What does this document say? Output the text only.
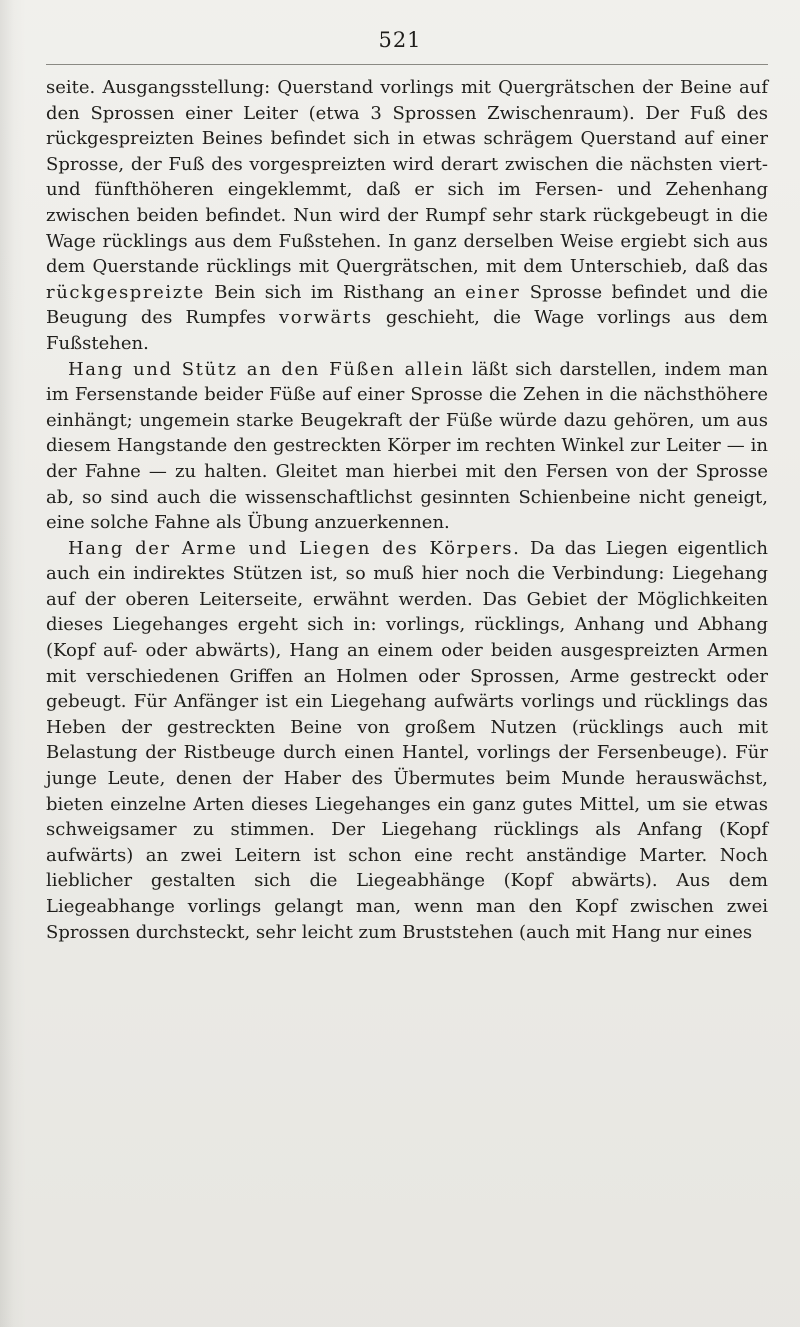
521

seite. Ausgangsstellung: Querstand vorlings mit Quergrätschen der Beine auf den Sprossen einer Leiter (etwa 3 Sprossen Zwischenraum). Der Fuß des rückgespreizten Beines befindet sich in etwas schrägem Querstand auf einer Sprosse, der Fuß des vorgespreizten wird derart zwischen die nächsten viert- und fünfthöheren eingeklemmt, daß er sich im Fersen- und Zehenhang zwischen beiden befindet. Nun wird der Rumpf sehr stark rückgebeugt in die Wage rücklings aus dem Fußstehen. In ganz derselben Weise ergiebt sich aus dem Querstande rücklings mit Quergrätschen, mit dem Unterschieb, daß das rückgespreizte Bein sich im Risthang an einer Sprosse befindet und die Beugung des Rumpfes vorwärts geschieht, die Wage vorlings aus dem Fußstehen.

Hang und Stütz an den Füßen allein läßt sich darstellen, indem man im Fersenstande beider Füße auf einer Sprosse die Zehen in die nächsthöhere einhängt; ungemein starke Beugekraft der Füße würde dazu gehören, um aus diesem Hangstande den gestreckten Körper im rechten Winkel zur Leiter — in der Fahne — zu halten. Gleitet man hierbei mit den Fersen von der Sprosse ab, so sind auch die wissenschaftlichst gesinnten Schienbeine nicht geneigt, eine solche Fahne als Übung anzuerkennen.

Hang der Arme und Liegen des Körpers. Da das Liegen eigentlich auch ein indirektes Stützen ist, so muß hier noch die Verbindung: Liegehang auf der oberen Leiterseite, erwähnt werden. Das Gebiet der Möglichkeiten dieses Liegehanges ergeht sich in: vorlings, rücklings, Anhang und Abhang (Kopf auf- oder abwärts), Hang an einem oder beiden ausgespreizten Armen mit verschiedenen Griffen an Holmen oder Sprossen, Arme gestreckt oder gebeugt. Für Anfänger ist ein Liegehang aufwärts vorlings und rücklings das Heben der gestreckten Beine von großem Nutzen (rücklings auch mit Belastung der Ristbeuge durch einen Hantel, vorlings der Fersenbeuge). Für junge Leute, denen der Haber des Übermutes beim Munde herauswächst, bieten einzelne Arten dieses Liegehanges ein ganz gutes Mittel, um sie etwas schweigsamer zu stimmen. Der Liegehang rücklings als Anfang (Kopf aufwärts) an zwei Leitern ist schon eine recht anständige Marter. Noch lieblicher gestalten sich die Liegeabhänge (Kopf abwärts). Aus dem Liegeabhange vorlings gelangt man, wenn man den Kopf zwischen zwei Sprossen durchsteckt, sehr leicht zum Bruststehen (auch mit Hang nur eines
